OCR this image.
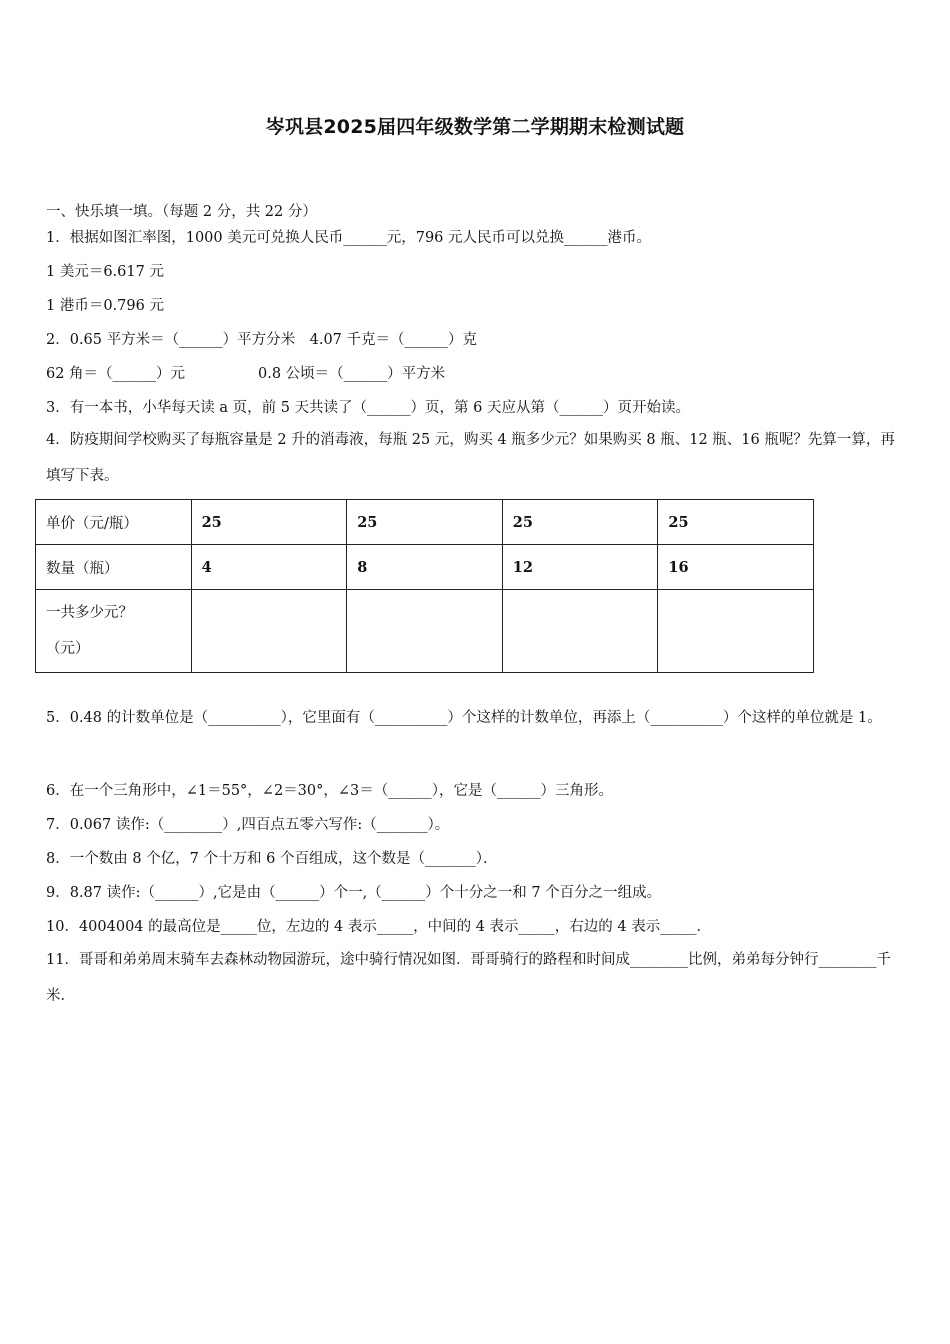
岑巩县2025届四年级数学第二学期期末检测试题
一、快乐填一填。（每题 2 分，共 22 分）
1．根据如图汇率图，1000 美元可兑换人民币______元，796 元人民币可以兑换______港币。
1 美元＝6.617 元
1 港币＝0.796 元
2．0.65 平方米＝（______）平方分米　4.07 千克＝（______）克
62 角＝（______）元	0.8 公顷＝（______）平方米
3．有一本书，小华每天读 a 页，前 5 天共读了（______）页，第 6 天应从第（______）页开始读。
4．防疫期间学校购买了每瓶容量是 2 升的消毒液，每瓶 25 元，购买 4 瓶多少元？如果购买 8 瓶、12 瓶、16 瓶呢？先算一算，再填写下表。
单价（元/瓶）	25	25	25	25
数量（瓶）	4	8	12	16

一共多少元？
（元）				

5．0.48 的计数单位是（__________），它里面有（__________）个这样的计数单位，再添上（__________）个这样的单位就是 1。
6．在一个三角形中，∠1＝55°，∠2＝30°，∠3＝（______），它是（______）三角形。
7．0.067 读作:（________）,四百点五零六写作:（_______）。
8．一个数由 8 个亿，7 个十万和 6 个百组成，这个数是（_______）．
9．8.87 读作:（______）,它是由（______）个一,（______）个十分之一和 7 个百分之一组成。
10．4004004 的最高位是_____位，左边的 4 表示_____，中间的 4 表示_____，右边的 4 表示_____．
11．哥哥和弟弟周末骑车去森林动物园游玩，途中骑行情况如图．哥哥骑行的路程和时间成________比例，弟弟每分钟行________千米．
